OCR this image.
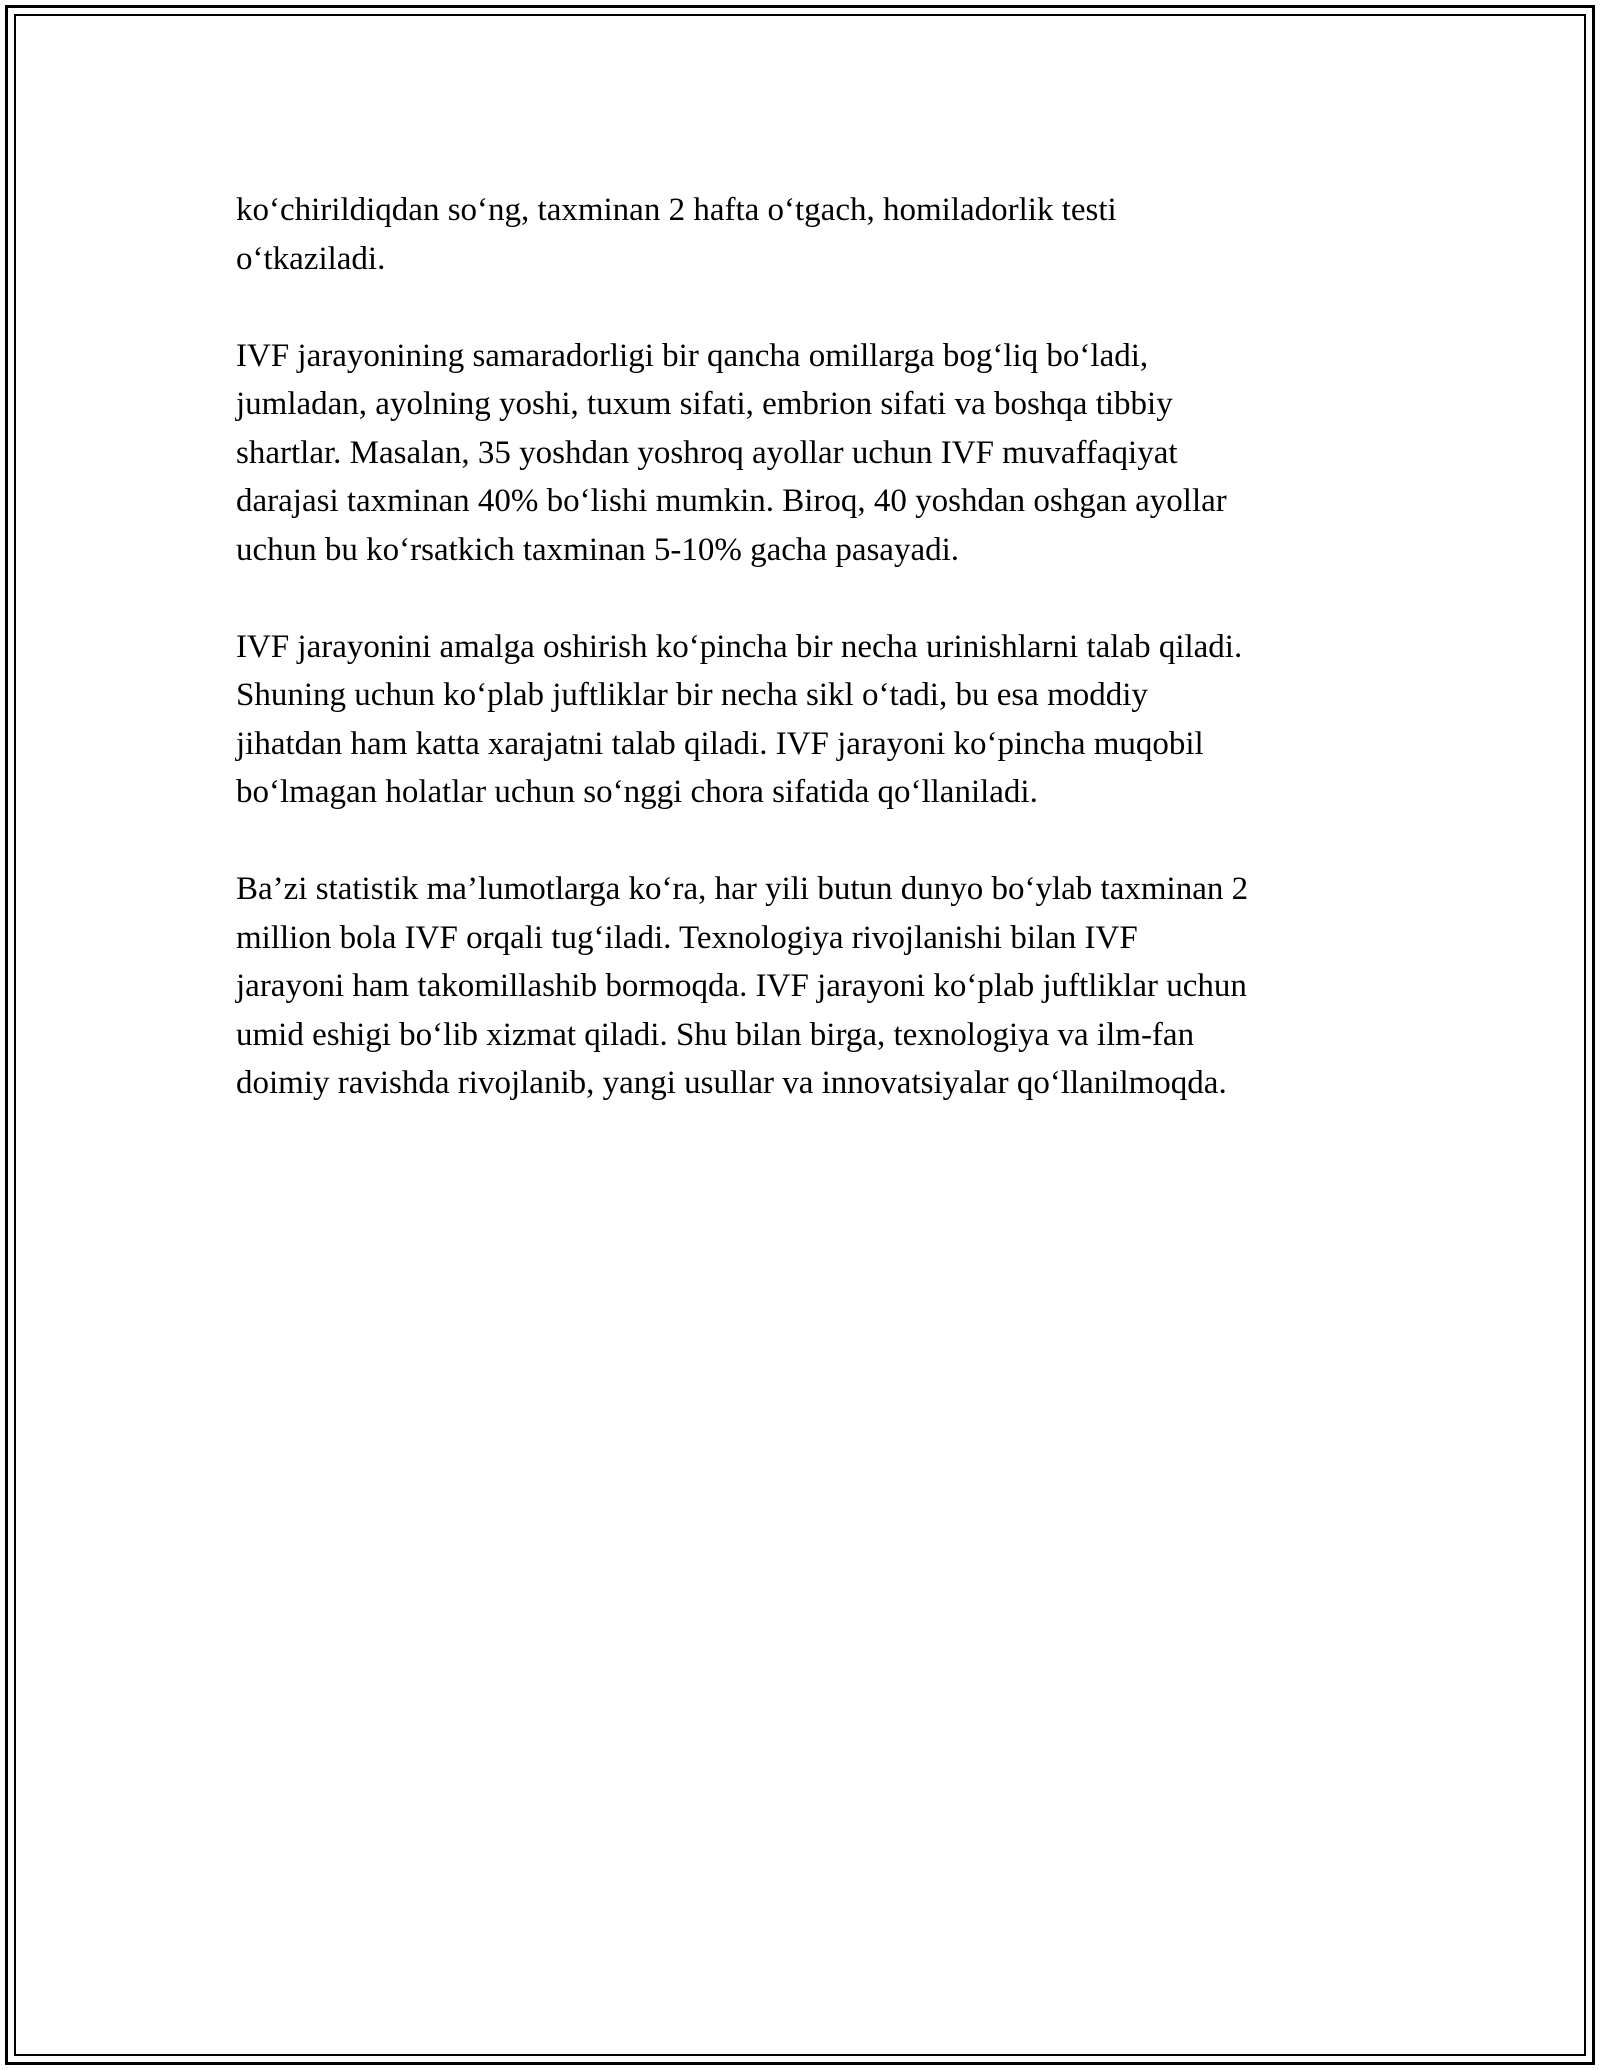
ko‘chirildiqdan so‘ng, taxminan 2 hafta o‘tgach, homiladorlik testi
o‘tkaziladi.

IVF jarayonining samaradorligi bir qancha omillarga bog‘liq bo‘ladi,
jumladan, ayolning yoshi, tuxum sifati, embrion sifati va boshqa tibbiy
shartlar. Masalan, 35 yoshdan yoshroq ayollar uchun IVF muvaffaqiyat
darajasi taxminan 40% bo‘lishi mumkin. Biroq, 40 yoshdan oshgan ayollar
uchun bu ko‘rsatkich taxminan 5-10% gacha pasayadi.

IVF jarayonini amalga oshirish ko‘pincha bir necha urinishlarni talab qiladi.
Shuning uchun ko‘plab juftliklar bir necha sikl o‘tadi, bu esa moddiy
jihatdan ham katta xarajatni talab qiladi. IVF jarayoni ko‘pincha muqobil
bo‘lmagan holatlar uchun so‘nggi chora sifatida qo‘llaniladi.

Ba’zi statistik ma’lumotlarga ko‘ra, har yili butun dunyo bo‘ylab taxminan 2
million bola IVF orqali tug‘iladi. Texnologiya rivojlanishi bilan IVF
jarayoni ham takomillashib bormoqda. IVF jarayoni ko‘plab juftliklar uchun
umid eshigi bo‘lib xizmat qiladi. Shu bilan birga, texnologiya va ilm-fan
doimiy ravishda rivojlanib, yangi usullar va innovatsiyalar qo‘llanilmoqda.
